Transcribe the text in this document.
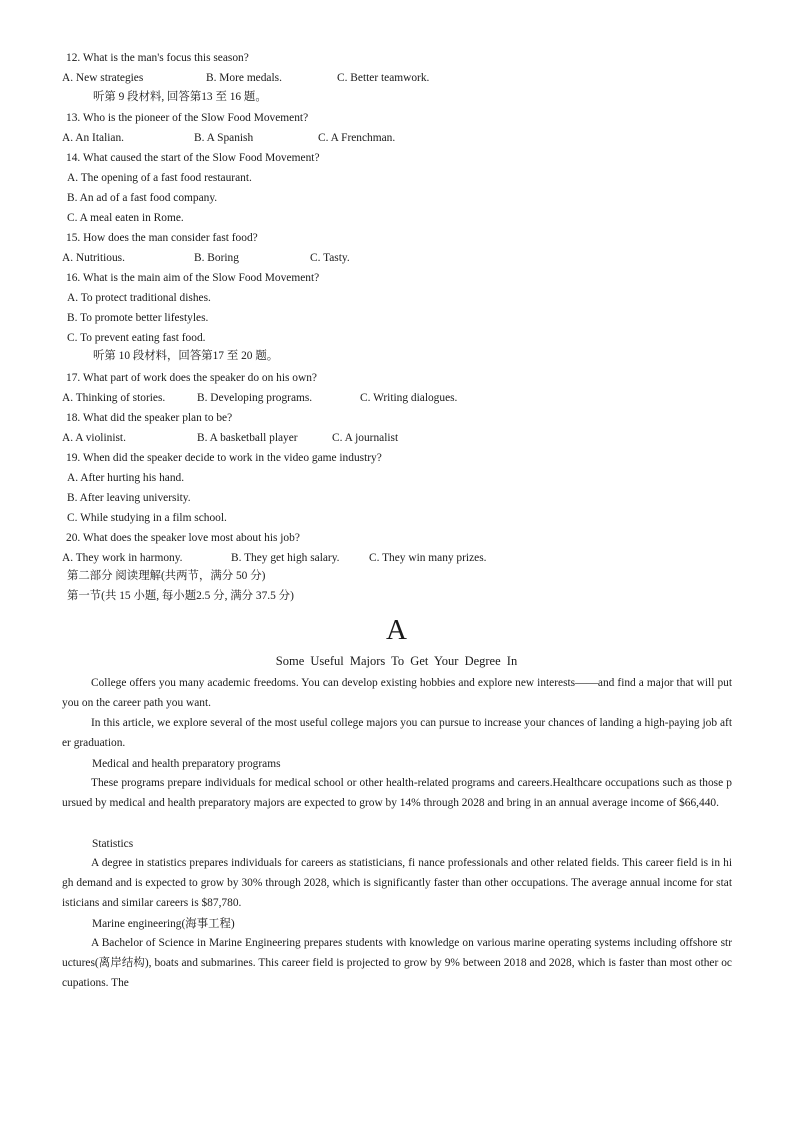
12. What is the man's focus this season?
A. New strategies	B. More medals.	C. Better teamwork.
听第 9 段材料, 回答第13 至 16 题。
13. Who is the pioneer of the Slow Food Movement?
A. An Italian.	B. A Spanish	C. A Frenchman.
14. What caused the start of the Slow Food Movement?
A. The opening of a fast food restaurant.
B. An ad of a fast food company.
C. A meal eaten in Rome.
15. How does the man consider fast food?
A. Nutritious.	B. Boring	C. Tasty.
16. What is the main aim of the Slow Food Movement?
A. To protect traditional dishes.
B. To promote better lifestyles.
C. To prevent eating fast food.
听第 10 段材料，回答第17 至 20 题。
17. What part of work does the speaker do on his own?
A. Thinking of stories.	B. Developing programs.	C. Writing dialogues.
18. What did the speaker plan to be?
A. A violinist.	B. A basketball player	C. A journalist
19. When did the speaker decide to work in the video game industry?
A. After hurting his hand.
B. After leaving university.
C. While studying in a film school.
20. What does the speaker love most about his job?
A. They work in harmony.	B. They get high salary.	C. They win many prizes.
第二部分 阅读理解(共两节，满分 50 分)
第一节(共 15 小题, 每小题2.5 分, 满分 37.5 分)
A
Some Useful Majors To Get Your Degree In
College offers you many academic freedoms. You can develop existing hobbies and explore new interests——and find a major that will put you on the career path you want.
In this article, we explore several of the most useful college majors you can pursue to increase your chances of landing a high-paying job after graduation.
Medical and health preparatory programs
These programs prepare individuals for medical school or other health-related programs and careers.Healthcare occupations such as those pursued by medical and health preparatory majors are expected to grow by 14% through 2028 and bring in an annual average income of $66,440.
Statistics
A degree in statistics prepares individuals for careers as statisticians, fi nance professionals and other related fields. This career field is in high demand and is expected to grow by 30% through 2028, which is significantly faster than other occupations. The average annual income for statisticians and similar careers is $87,780.
Marine engineering(海事工程)
A Bachelor of Science in Marine Engineering prepares students with knowledge on various marine operating systems including offshore structures(离岸结构), boats and submarines. This career field is projected to grow by 9% between 2018 and 2028, which is faster than most other occupations. The
